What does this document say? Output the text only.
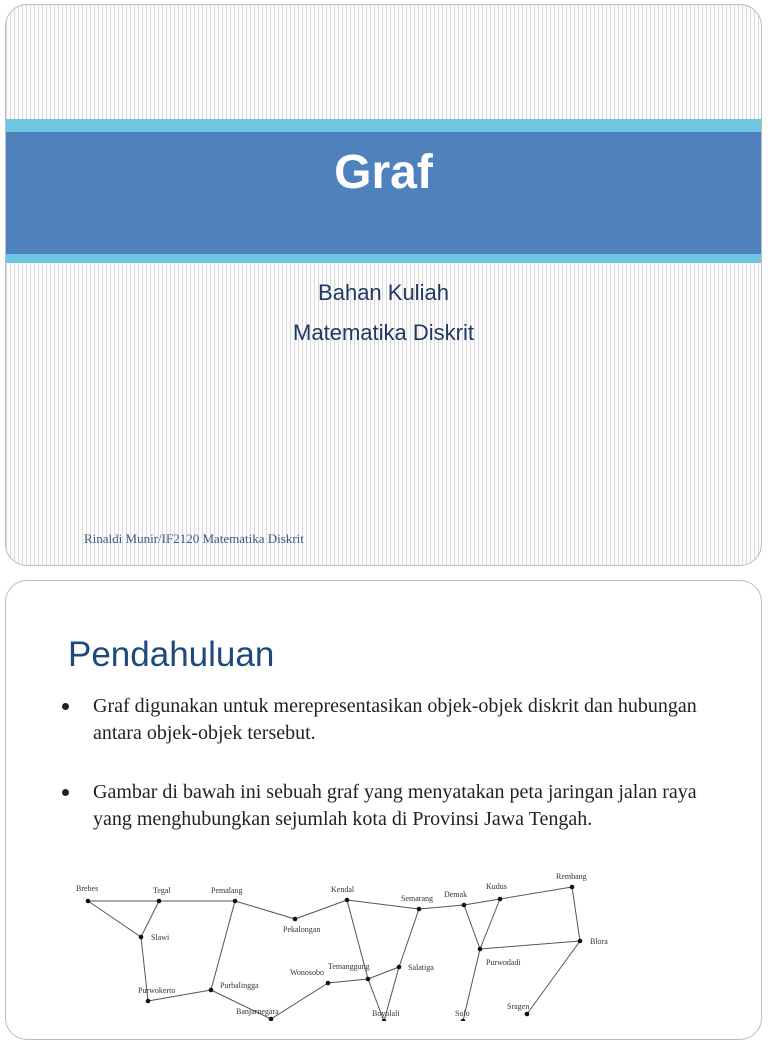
Graf
Bahan Kuliah
Matematika Diskrit
Rinaldi Munir/IF2120 Matematika Diskrit
Pendahuluan
Graf digunakan untuk merepresentasikan objek-objek diskrit dan hubungan antara objek-objek tersebut.
Gambar di bawah ini sebuah graf yang menyatakan peta jaringan jalan raya yang menghubungkan sejumlah kota di Provinsi Jawa Tengah.
Brebes	Tegal	Pemalang	Kendal
Semarang Demak
Kudus
Rembang
Slawi
Pekalongan
Blora
Purwodadi
Temanggung
Wonosobo
Salatiga
Purbalingga
Purwokerto
Sragen
Banjarnegara	Boyolali	Solo
